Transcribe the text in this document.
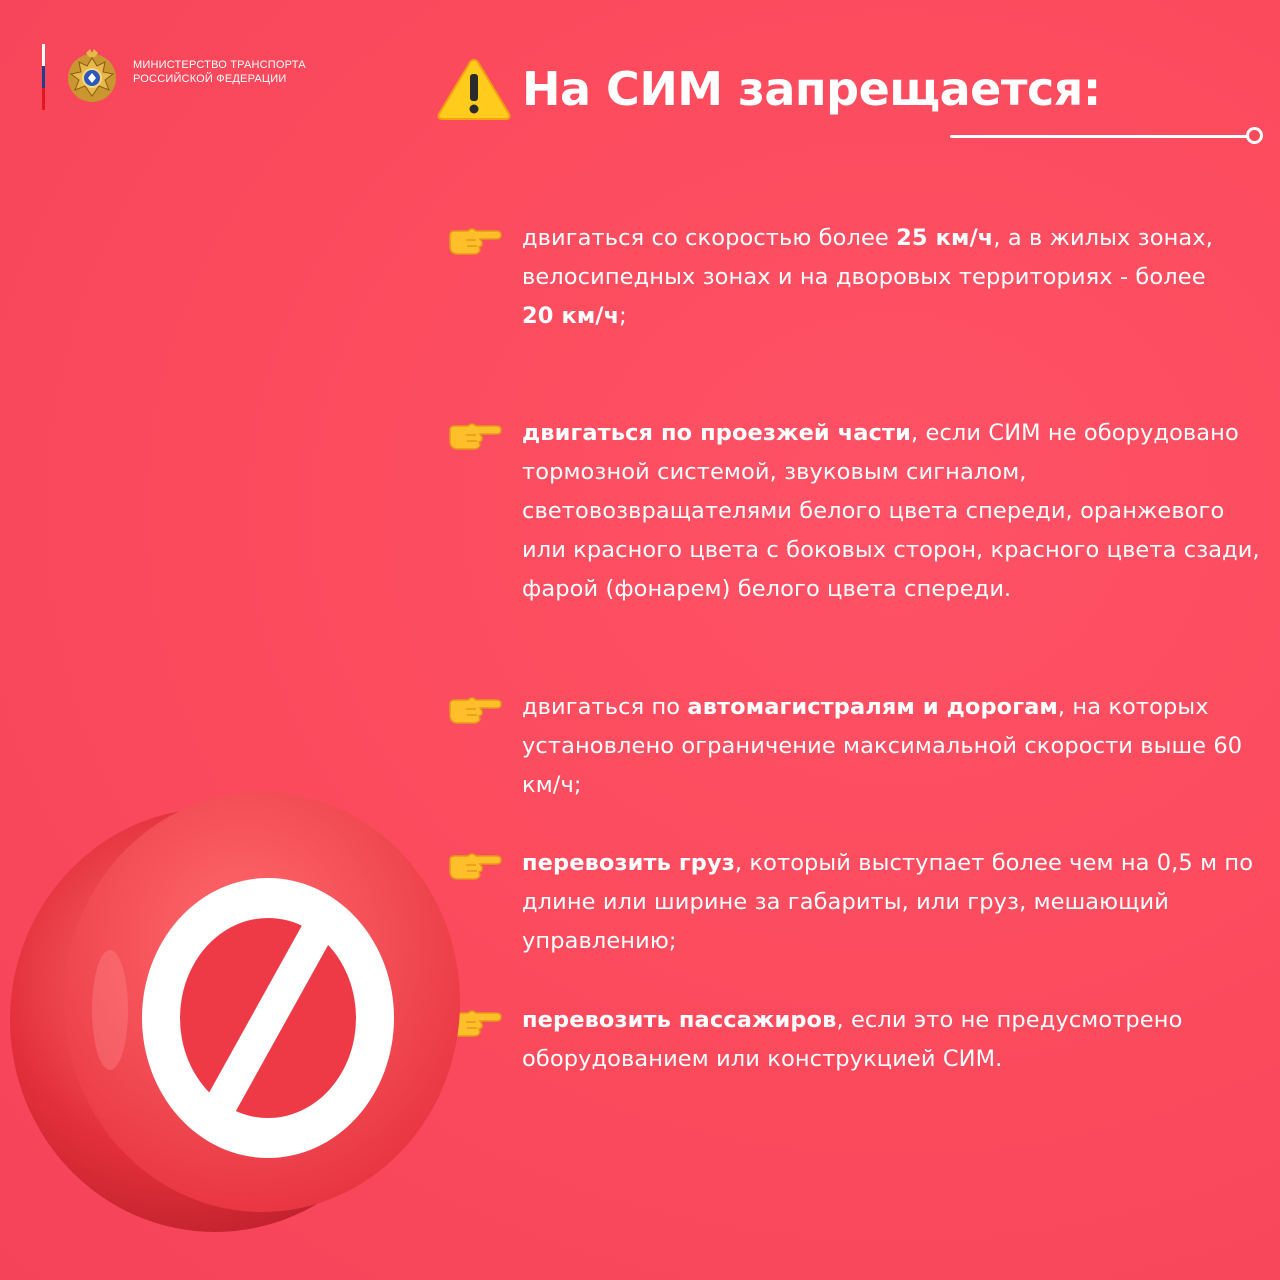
МИНИСТЕРСТВО ТРАНСПОРТА
РОССИЙСКОЙ ФЕДЕРАЦИИ	На СИМ запрещается:
двигаться со скоростью более 25 км/ч, а в жилых зонах, велосипедных зонах и на дворовых территориях - более
20 км/ч;
двигаться по проезжей части, если СИМ не оборудовано тормозной системой, звуковым сигналом, световозвращателями белого цвета спереди, оранжевого или красного цвета с боковых сторон, красного цвета сзади, фарой (фонарем) белого цвета спереди.
двигаться по автомагистралям и дорогам, на которых установлено ограничение максимальной скорости выше 60 км/ч;
перевозить груз, который выступает более чем на 0,5 м по длине или ширине за габариты, или груз, мешающий управлению;
перевозить пассажиров, если это не предусмотрено оборудованием или конструкцией СИМ.
